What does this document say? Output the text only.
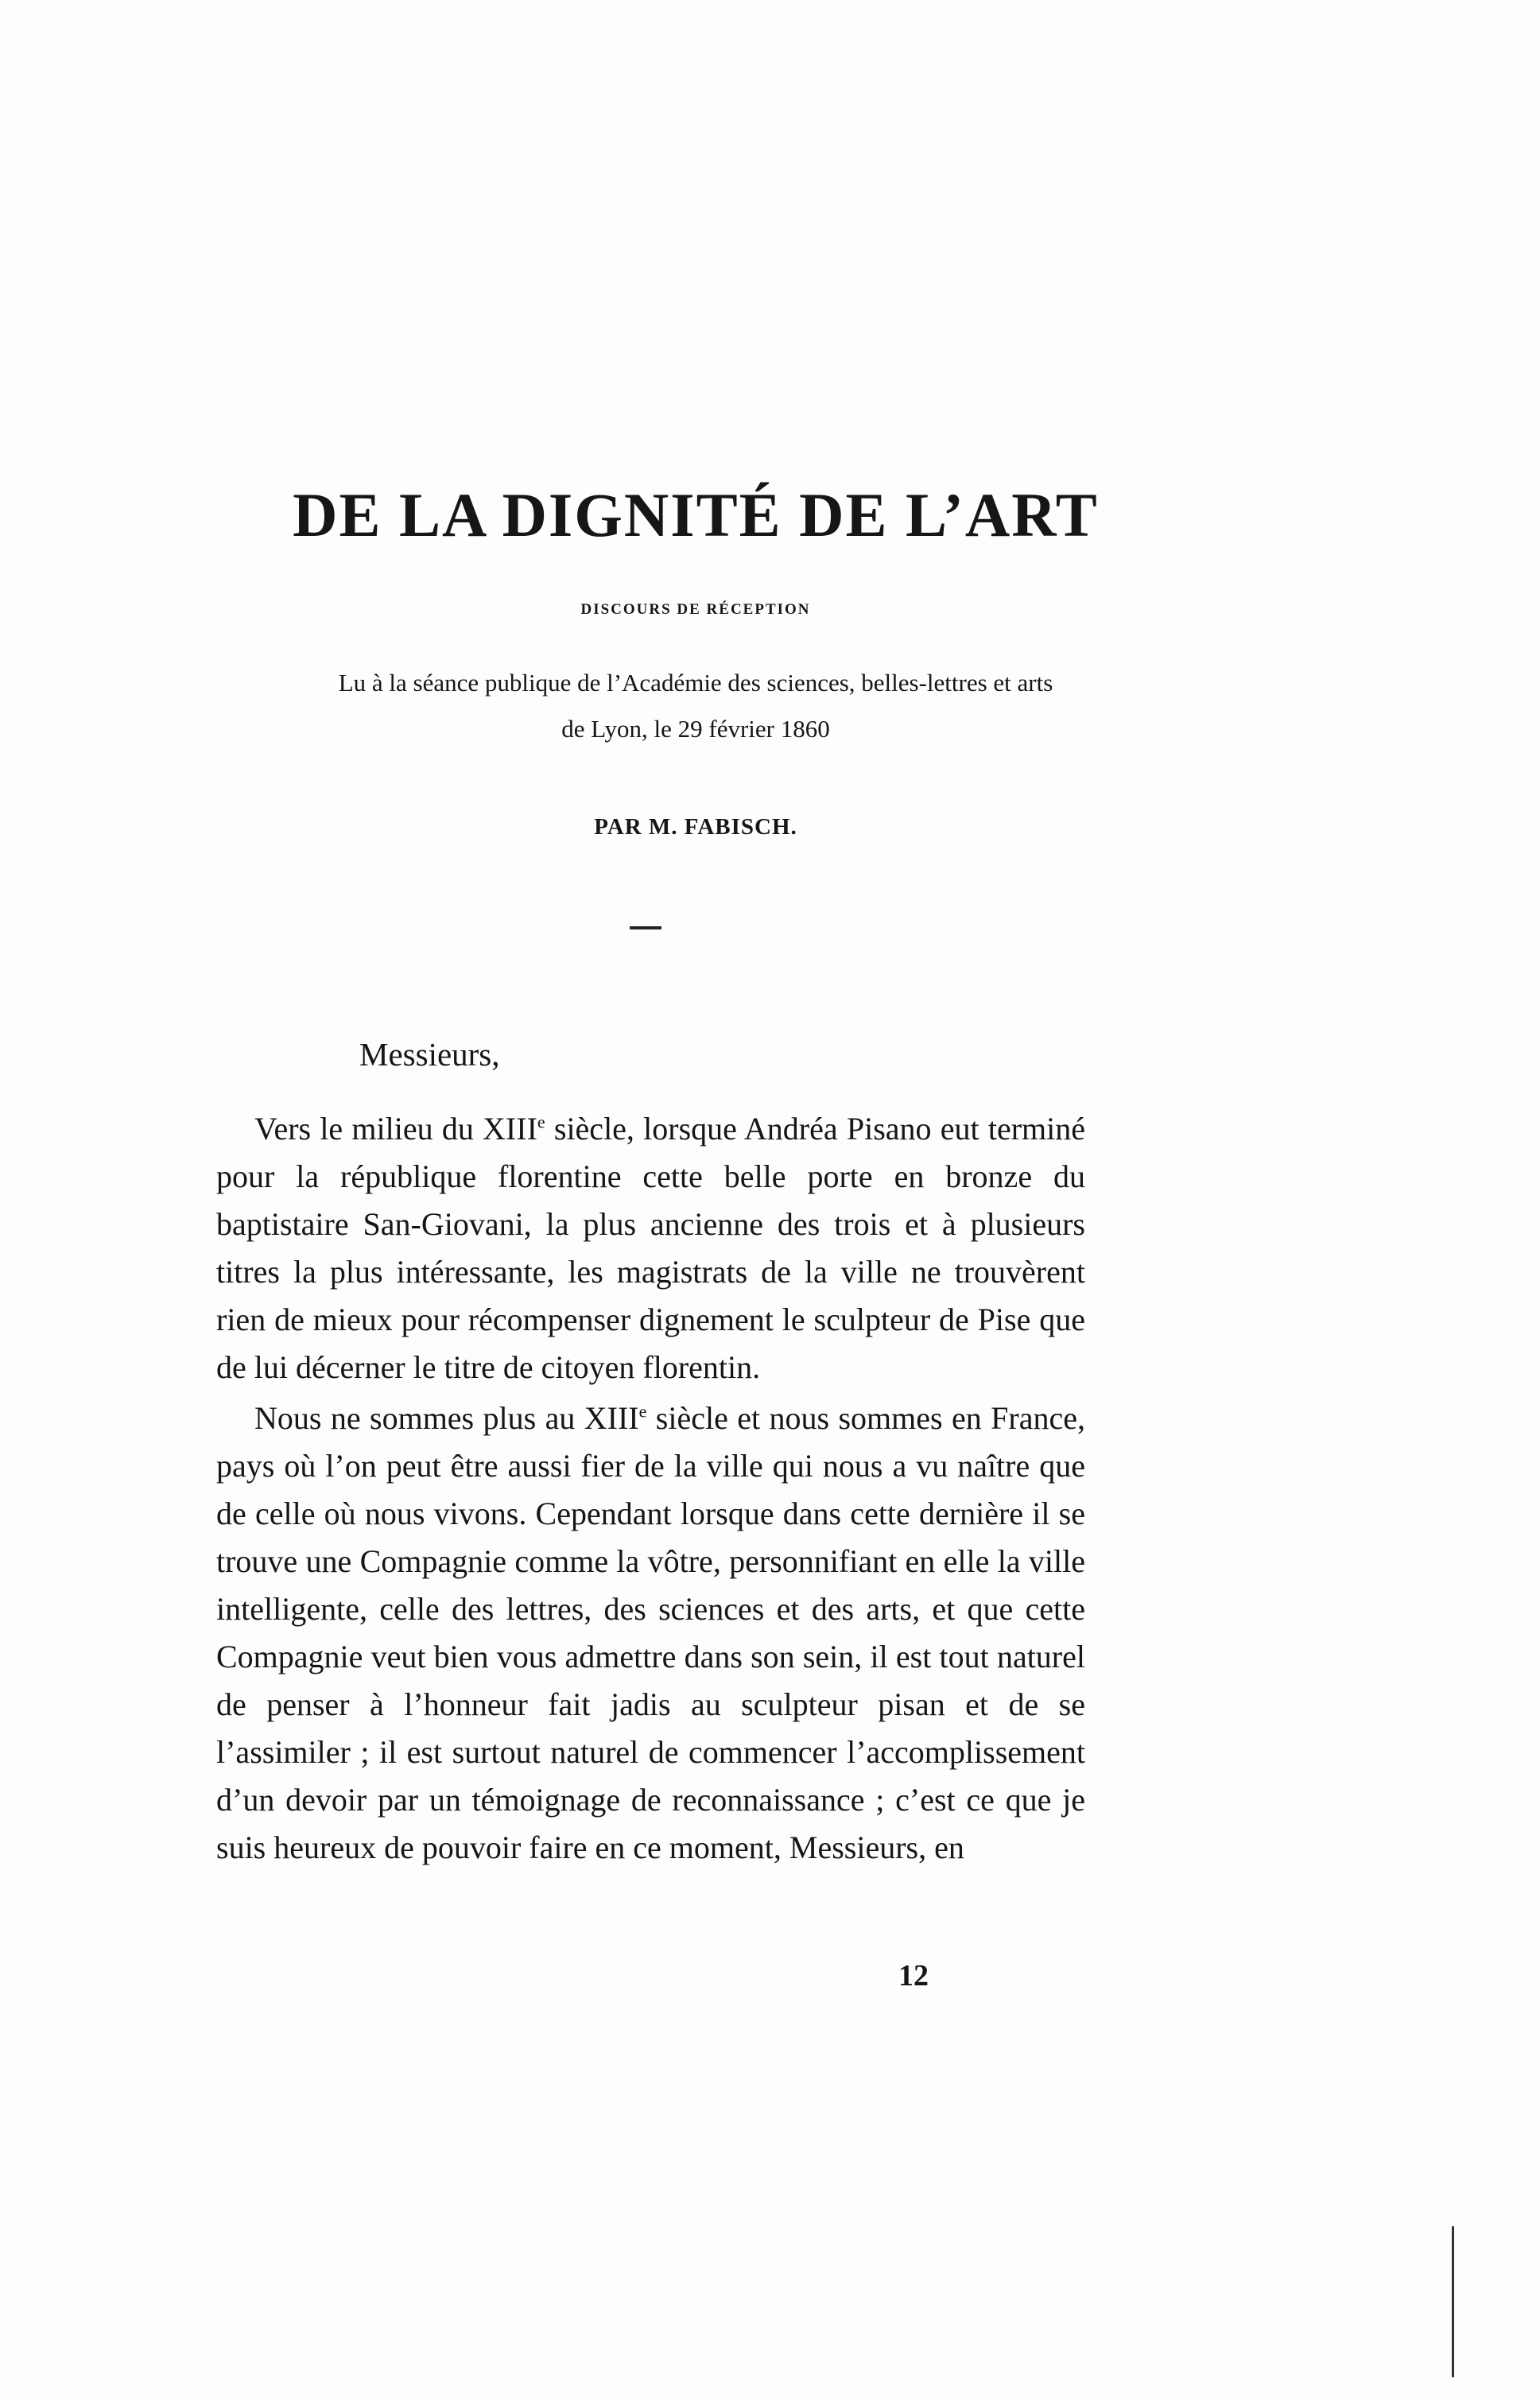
DE LA DIGNITÉ DE L’ART
DISCOURS DE RÉCEPTION
Lu à la séance publique de l’Académie des sciences, belles-lettres et arts
de Lyon, le 29 février 1860
PAR M. FABISCH.
Messieurs,

Vers le milieu du XIIIe siècle, lorsque Andréa Pisano eut terminé pour la république florentine cette belle porte en bronze du baptistaire San-Giovani, la plus ancienne des trois et à plusieurs titres la plus intéressante, les magistrats de la ville ne trouvèrent rien de mieux pour récompenser dignement le sculpteur de Pise que de lui décerner le titre de citoyen florentin.

Nous ne sommes plus au XIIIe siècle et nous sommes en France, pays où l’on peut être aussi fier de la ville qui nous a vu naître que de celle où nous vivons. Cependant lorsque dans cette dernière il se trouve une Compagnie comme la vôtre, personnifiant en elle la ville intelligente, celle des lettres, des sciences et des arts, et que cette Compagnie veut bien vous admettre dans son sein, il est tout naturel de penser à l’honneur fait jadis au sculpteur pisan et de se l’assimiler ; il est surtout naturel de commencer l’accomplissement d’un devoir par un témoignage de reconnaissance ; c’est ce que je suis heureux de pouvoir faire en ce moment, Messieurs, en

12
